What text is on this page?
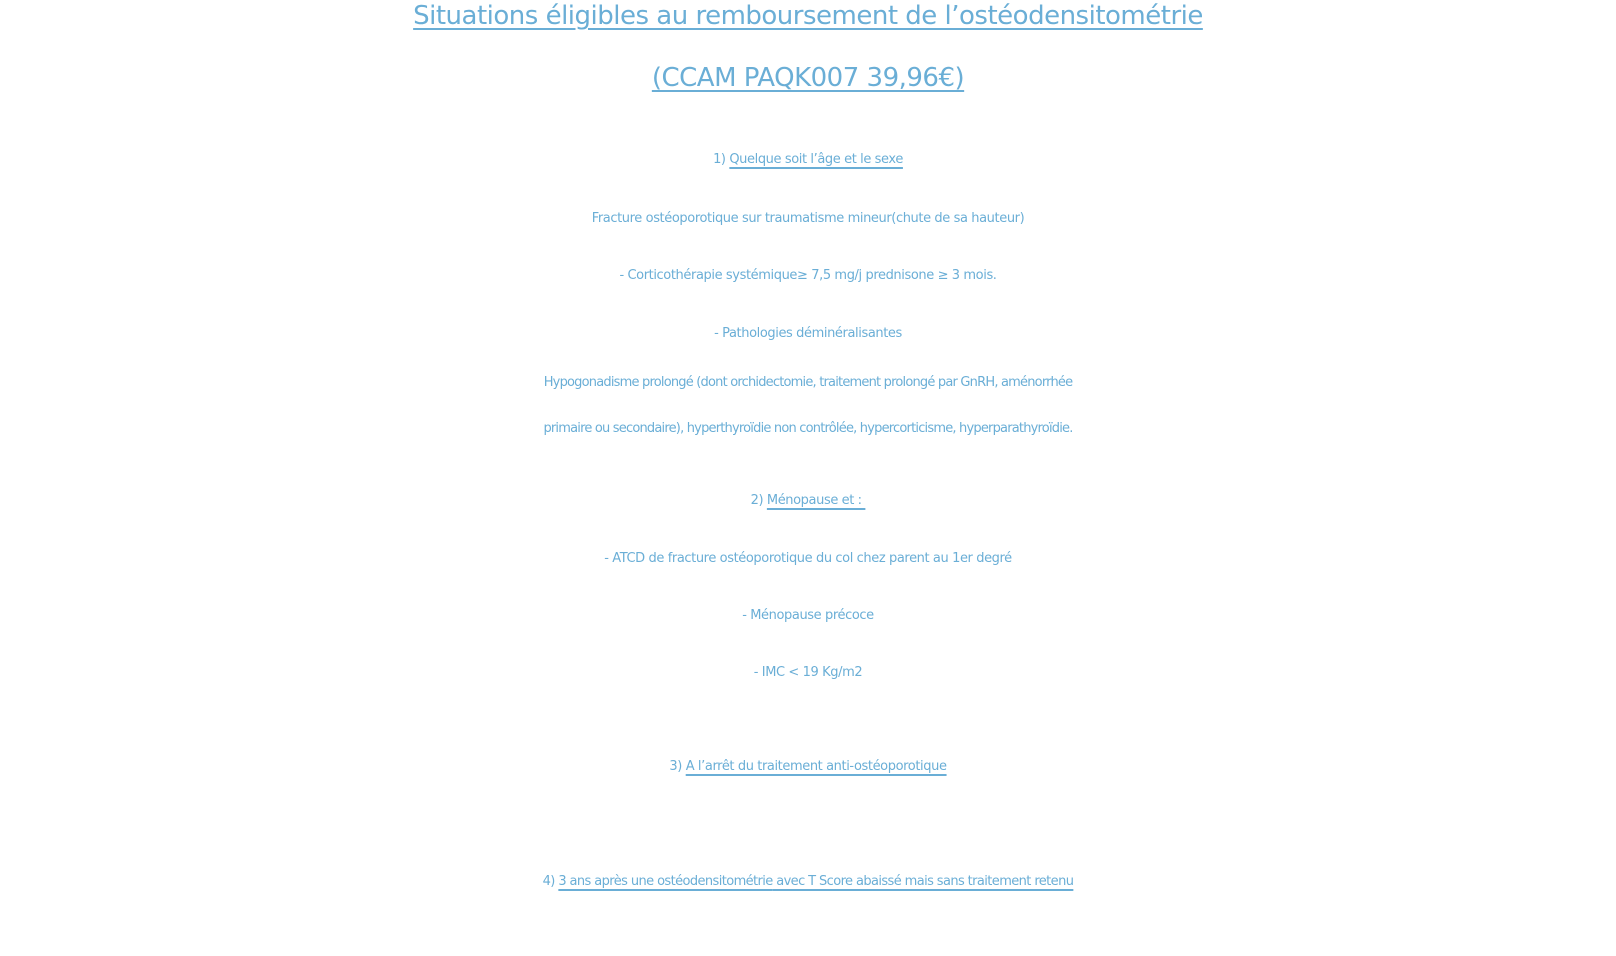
Situations éligibles au remboursement de l’ostéodensitométrie
(CCAM PAQK007 39,96€)
1) Quelque soit l’âge et le sexe
Fracture ostéoporotique sur traumatisme mineur(chute de sa hauteur)
- Corticothérapie systémique≥ 7,5 mg/j prednisone ≥ 3 mois.
- Pathologies déminéralisantes
Hypogonadisme prolongé (dont orchidectomie, traitement prolongé par GnRH, aménorrhée
primaire ou secondaire), hyperthyroïdie non contrôlée, hypercorticisme, hyperparathyroïdie.
2) Ménopause et :
- ATCD de fracture ostéoporotique du col chez parent au 1er degré
- Ménopause précoce
- IMC < 19 Kg/m2
3) A l’arrêt du traitement anti-ostéoporotique
4) 3 ans après une ostéodensitométrie avec T Score abaissé mais sans traitement retenu
